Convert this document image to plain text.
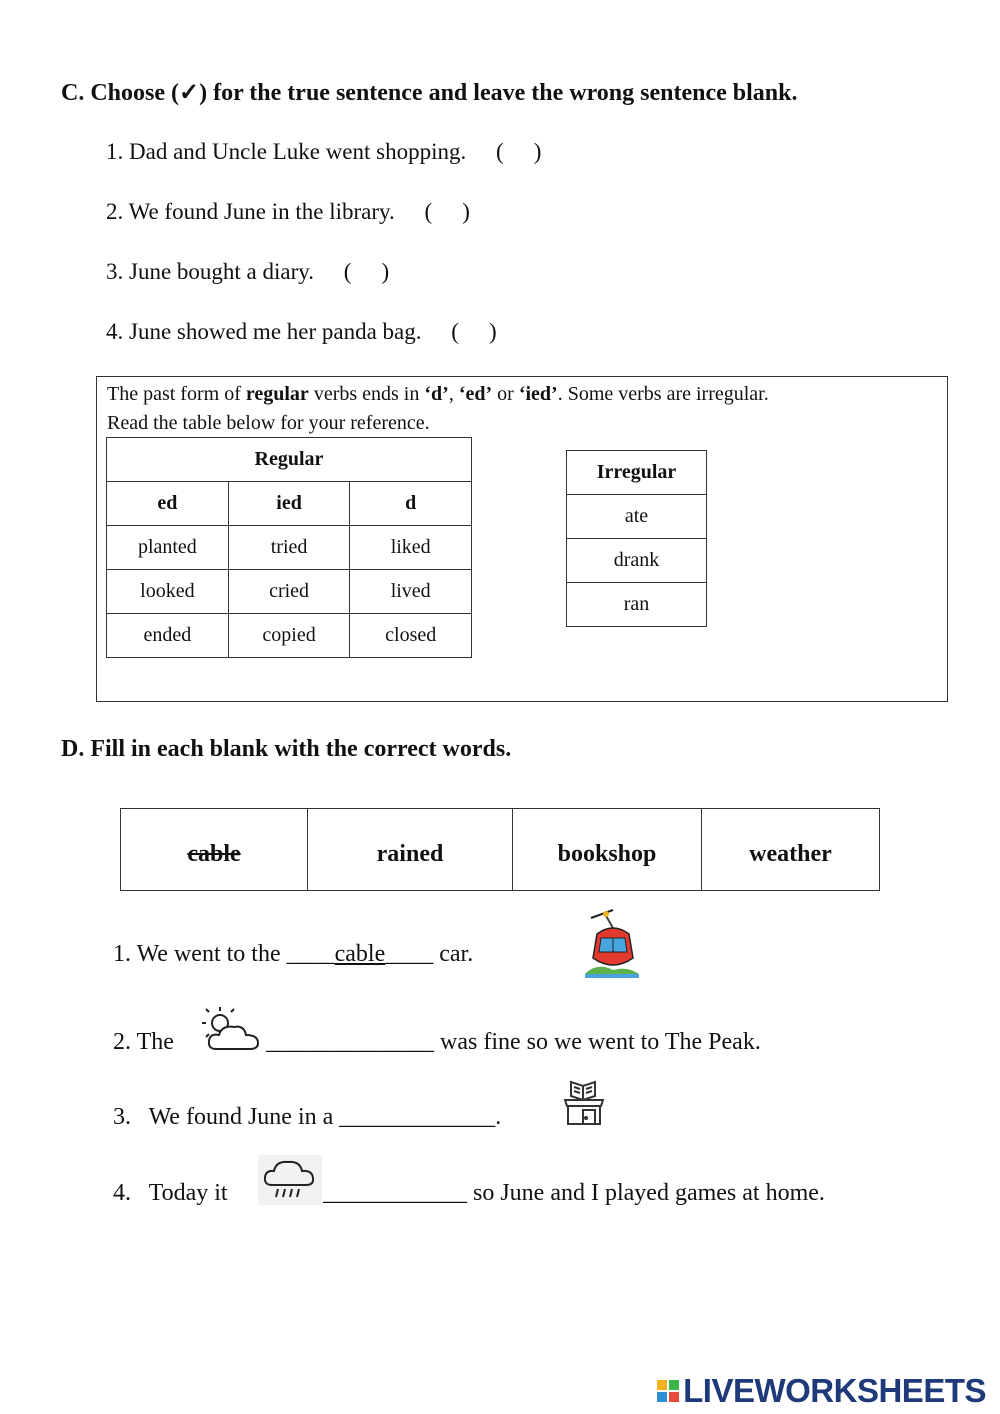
C. Choose (✓) for the true sentence and leave the wrong sentence blank.
1. Dad and Uncle Luke went shopping. ( )
2. We found June in the library. ( )
3. June bought a diary. ( )
4. June showed me her panda bag. ( )
The past form of regular verbs ends in ‘d’, ‘ed’ or ‘ied’. Some verbs are irregular.
Read the table below for your reference.
Regular		
ed	ied	d
planted	tried	liked
looked	cried	lived
ended	copied	closed
Irregular
ate
drank
ran
D. Fill in each blank with the correct words.
cable	rained	bookshop	weather
1. We went to the ____cable____ car.
2. The	______________ was fine so we went to The Peak.
3. We found June in a _____________.
4. Today it	____________ so June and I played games at home.
LIVEWORKSHEETS
